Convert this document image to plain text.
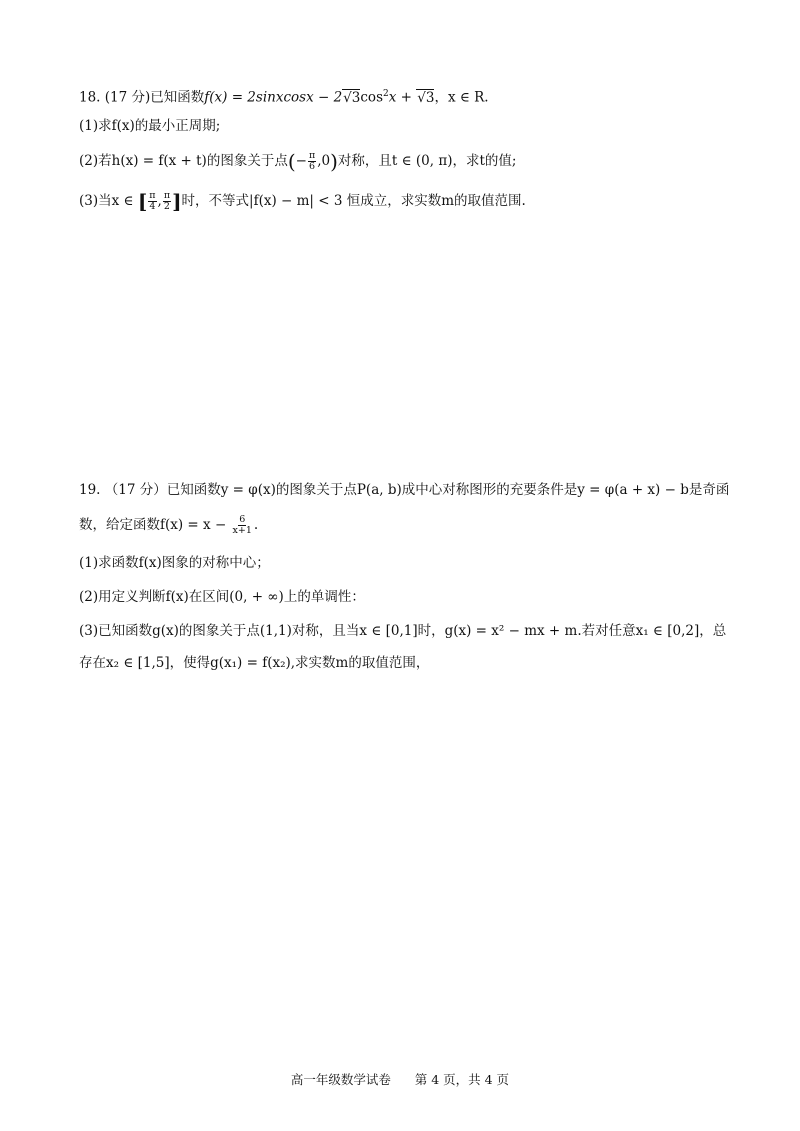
18. (17 分)已知函数f(x) = 2sinxcosx − $2√3\cos^2x + √3$，x ∈ R.
(1)求f(x)的最小正周期;
(2)若h(x) = f(x + t)的图象关于点(− $\frac{\pi}{6} ,0$)对称，且t ∈ (0, π)，求t的值;
(3)当x ∈ [ $\frac{\pi}{4}$ , $\frac{\pi}{2}$ ]时，不等式|f(x) − m| < 3 恒成立，求实数m的取值范围.
19. （17 分）已知函数y = φ(x)的图象关于点P(a, b)成中心对称图形的充要条件是y = φ(a + x) − b是奇函
数，给定函数$f(x) = x - \frac{6}{x+1}$ .
(1)求函数f(x)图象的对称中心；
(2)用定义判断f(x)在区间(0, + ∞)上的单调性：
(3)已知函数g(x)的图象关于点(1,1)对称，且当x ∈ [0,1]时，g(x) = x² − mx + m.若对任意x₁ ∈ [0,2]，总
存在x₂ ∈ [1,5]，使得g(x₁) = f(x₂),求实数m的取值范围，
高一年级数学试卷      第 4 页，共 4 页
